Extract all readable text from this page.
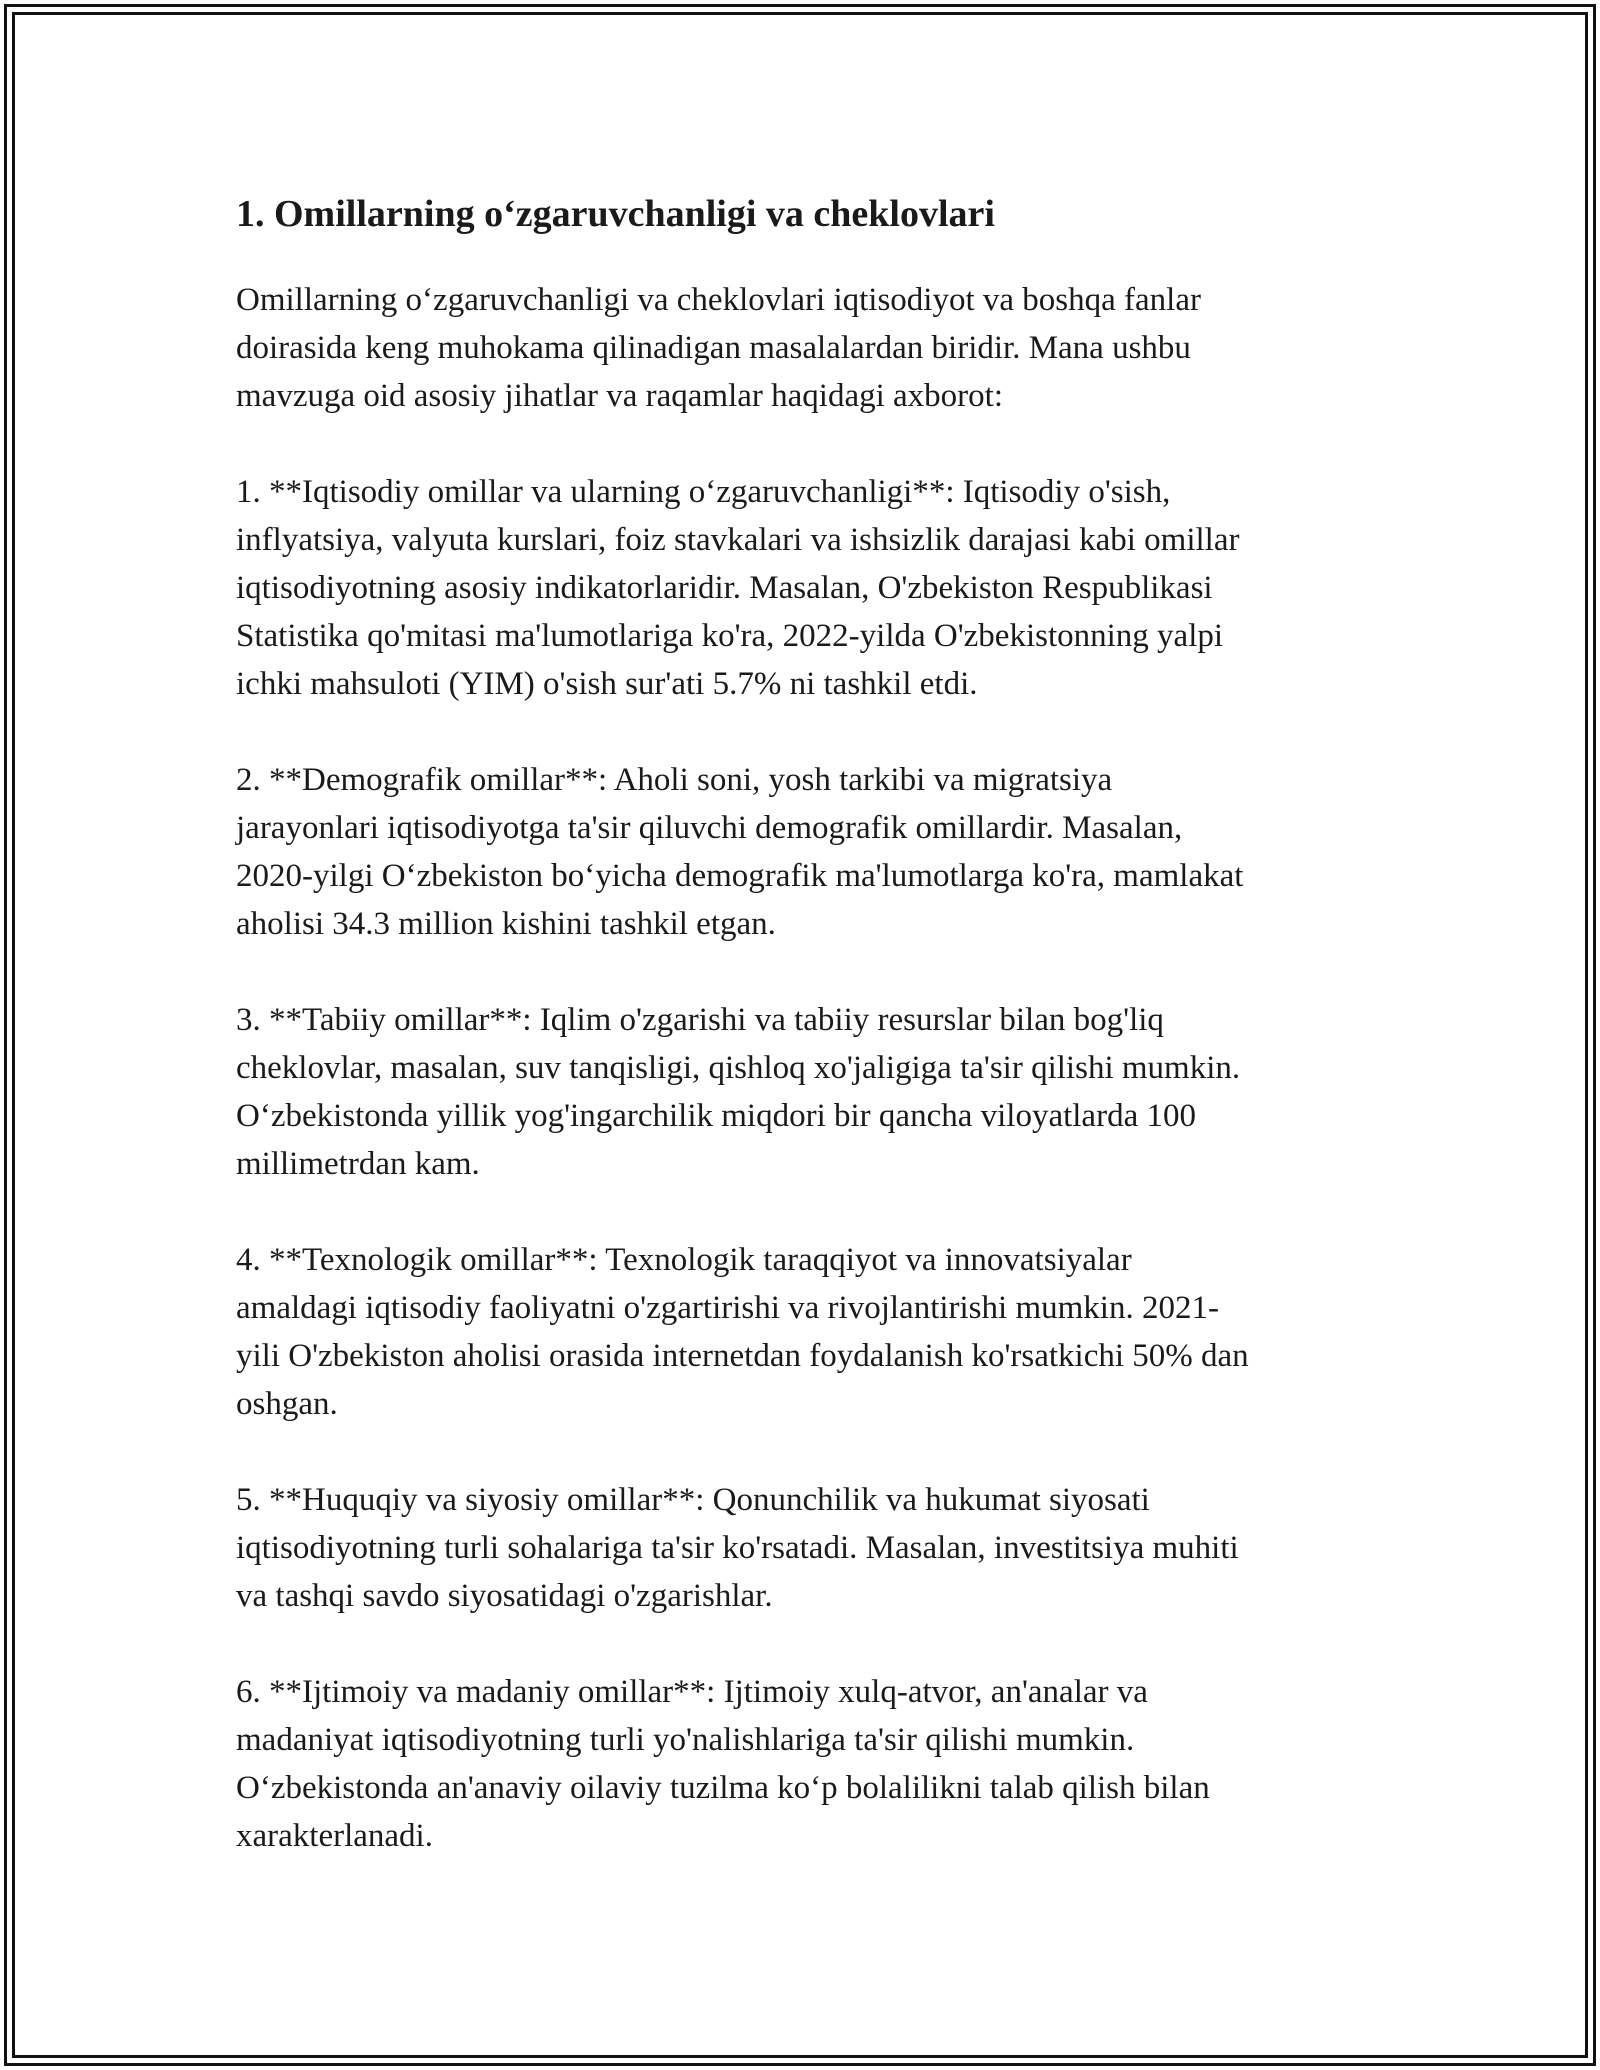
1. Omillarning o‘zgaruvchanligi va cheklovlari

Omillarning o‘zgaruvchanligi va cheklovlari iqtisodiyot va boshqa fanlar
doirasida keng muhokama qilinadigan masalalardan biridir. Mana ushbu
mavzuga oid asosiy jihatlar va raqamlar haqidagi axborot:

1. **Iqtisodiy omillar va ularning o‘zgaruvchanligi**: Iqtisodiy o'sish,
inflyatsiya, valyuta kurslari, foiz stavkalari va ishsizlik darajasi kabi omillar
iqtisodiyotning asosiy indikatorlaridir. Masalan, O'zbekiston Respublikasi
Statistika qo'mitasi ma'lumotlariga ko'ra, 2022-yilda O'zbekistonning yalpi
ichki mahsuloti (YIM) o'sish sur'ati 5.7% ni tashkil etdi.

2. **Demografik omillar**: Aholi soni, yosh tarkibi va migratsiya
jarayonlari iqtisodiyotga ta'sir qiluvchi demografik omillardir. Masalan,
2020-yilgi O‘zbekiston bo‘yicha demografik ma'lumotlarga ko'ra, mamlakat
aholisi 34.3 million kishini tashkil etgan.

3. **Tabiiy omillar**: Iqlim o'zgarishi va tabiiy resurslar bilan bog'liq
cheklovlar, masalan, suv tanqisligi, qishloq xo'jaligiga ta'sir qilishi mumkin.
O‘zbekistonda yillik yog'ingarchilik miqdori bir qancha viloyatlarda 100
millimetrdan kam.

4. **Texnologik omillar**: Texnologik taraqqiyot va innovatsiyalar
amaldagi iqtisodiy faoliyatni o'zgartirishi va rivojlantirishi mumkin. 2021-
yili O'zbekiston aholisi orasida internetdan foydalanish ko'rsatkichi 50% dan
oshgan.

5. **Huquqiy va siyosiy omillar**: Qonunchilik va hukumat siyosati
iqtisodiyotning turli sohalariga ta'sir ko'rsatadi. Masalan, investitsiya muhiti
va tashqi savdo siyosatidagi o'zgarishlar.

6. **Ijtimoiy va madaniy omillar**: Ijtimoiy xulq-atvor, an'analar va
madaniyat iqtisodiyotning turli yo'nalishlariga ta'sir qilishi mumkin.
O‘zbekistonda an'anaviy oilaviy tuzilma ko‘p bolalilikni talab qilish bilan
xarakterlanadi.
